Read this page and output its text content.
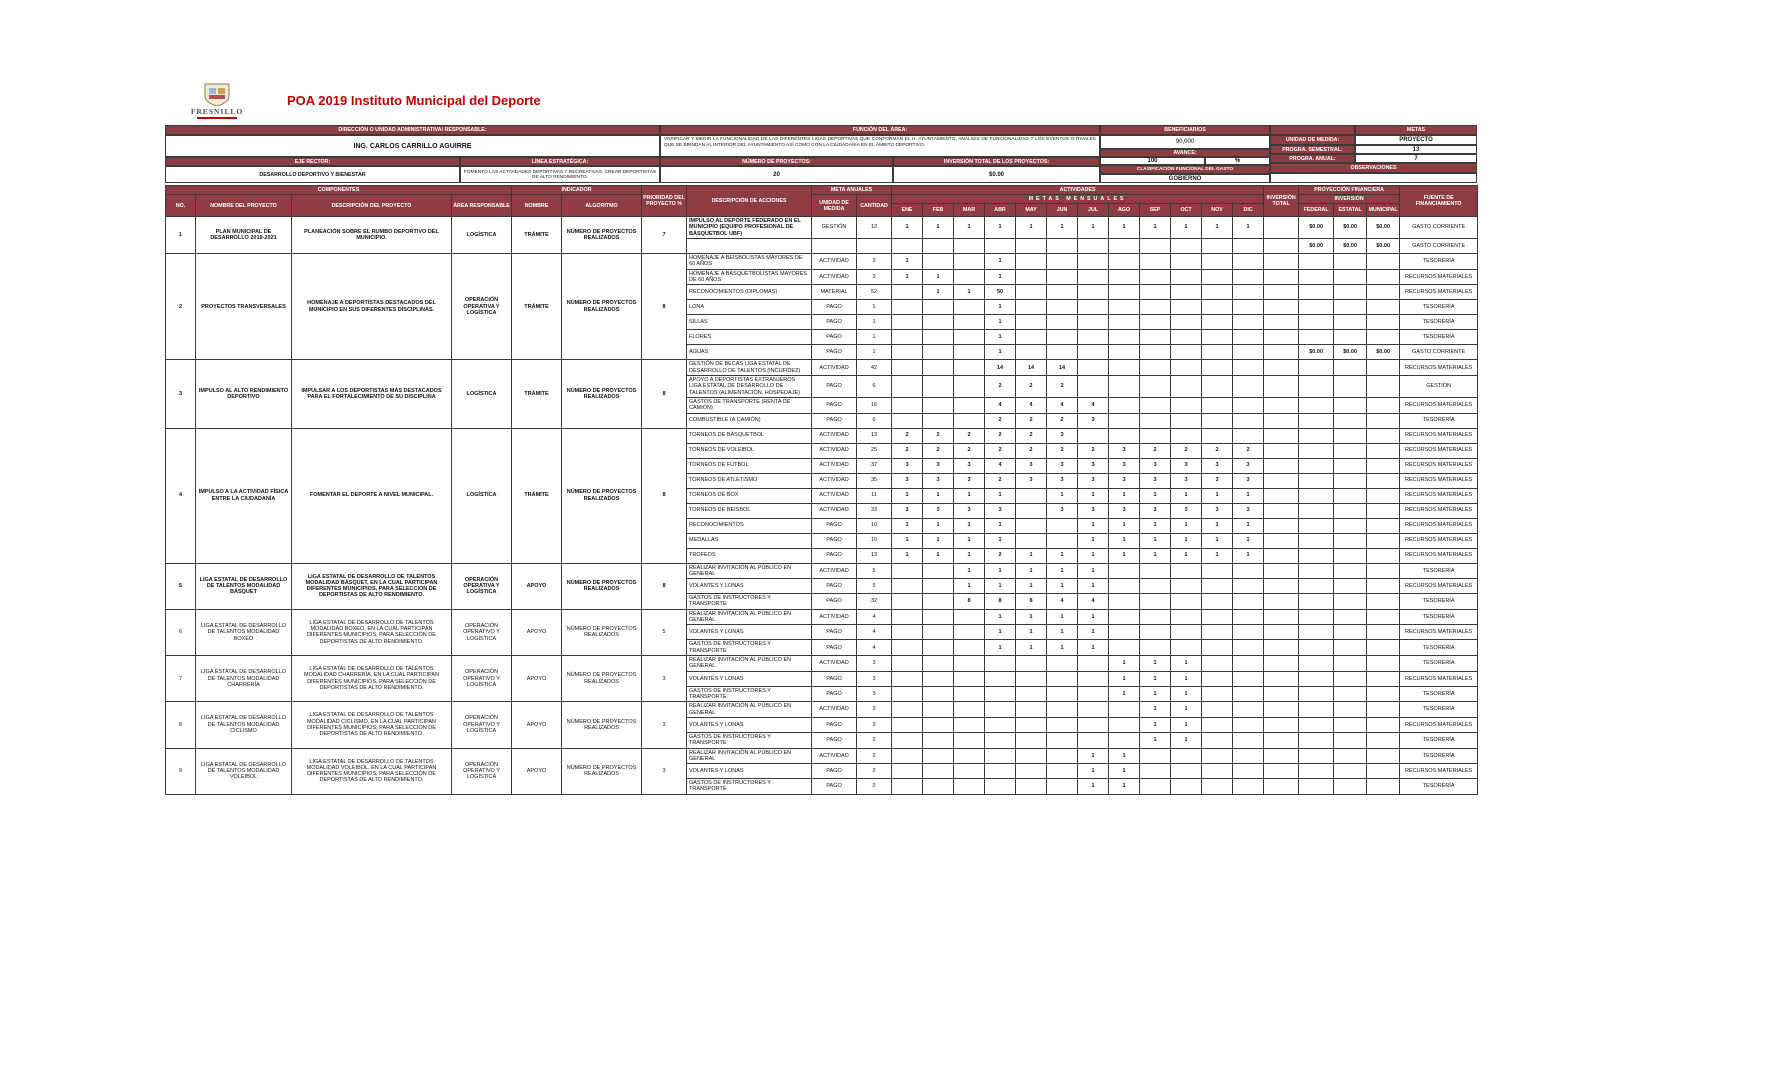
FRESNILLO
POA 2019 Instituto Municipal del Deporte
DIRECCIÓN O UNIDAD ADMINISTRATIVA/ RESPONSABLE:
ING. CARLOS CARRILLO AGUIRRE
EJE RECTOR:
DESARROLLO DEPORTIVO Y BIENESTAR
LÍNEA ESTRATÉGICA:
FOMENTO LAS ACTIVIDADES DEPORTIVAS Y RECREATIVAS. CREAR DEPORTISTAS DE ALTO RENDIMIENTO.
FUNCIÓN DEL ÁREA:
VERIFICAR Y MEDIR LA FUNCIONALIDAD DE LAS DIFERENTES LIGAS DEPORTIVAS QUE CONFORMAN EL H. AYUNTAMIENTO, ANÁLISIS DE FUNCIONALIDAD Y LOS EVENTOS O RIVALES QUE SE BRINDAN AL INTERIOR DEL AYUNTAMIENTO ASÍ COMO CON LA CIUDADANÍA EN EL ÁMBITO DEPORTIVO.
NÚMERO DE PROYECTOS:
20
INVERSIÓN TOTAL DE LOS PROYECTOS:
$0.00
BENEFICIARIOS
90,000
AVANCE:
100	%
CLASIFICACIÓN FUNCIONAL DEL GASTO
GOBIERNO
METAS
UNIDAD DE MEDIDA:	PROYECTO
PROGRA. SEMESTRAL:	13
PROGRA. ANUAL:	7
OBSERVACIONES
COMPONENTES				INDICADOR		PRIORIDAD DEL PROYECTO %	DESCRIPCIÓN DE ACCIONES	META ANUALES		ACTIVIDADES												INVERSIÓN TOTAL	PROYECCIÓN FINANCIERA			FUENTE DE FINANCIAMIENTO
NO.	NOMBRE DEL PROYECTO	DESCRIPCIÓN DEL PROYECTO	ÁREA RESPONSABLE	NOMBRE	ALGORITMO			UNIDAD DE MEDIDA	CANTIDAD	METAS MENSUALES													INVERSIÓN			
										ENE	FEB	MAR	ABR	MAY	JUN	JUL	AGO	SEP	OCT	NOV	DIC		FEDERAL	ESTATAL	MUNICIPAL	
1	PLAN MUNICIPAL DE DESARROLLO 2019-2021	PLANEACIÓN SOBRE EL RUMBO DEPORTIVO DEL MUNICIPIO.	LOGÍSTICA	TRÁMITE	NÚMERO DE PROYECTOS REALIZADOS	7	IMPULSO AL DEPORTE FEDERADO EN EL MUNICIPIO (EQUIPO PROFESIONAL DE BÁSQUETBOL UBF)	GESTIÓN	12	1	1	1	1	1	1	1	1	1	1	1	1		$0.00	$0.00	$0.00	GASTO CORRIENTE
																							$0.00	$0.00	$0.00	GASTO CORRIENTE
2	PROYECTOS TRANSVERSALES	HOMENAJE A DEPORTISTAS DESTACADOS DEL MUNICIPIO EN SUS DIFERENTES DISCIPLINAS.	OPERACIÓN OPERATIVA Y LOGÍSTICA	TRÁMITE	NÚMERO DE PROYECTOS REALIZADOS	8	HOMENAJE A BEISBOLISTAS MAYORES DE 60 AÑOS	ACTIVIDAD	2	1			1													TESORERÍA
							HOMENAJE A BASQUETBOLISTAS MAYORES DE 60 AÑOS	ACTIVIDAD	3	1	1		1													RECURSOS MATERIALES
							RECONOCIMIENTOS (DIPLOMAS)	MATERIAL	52		1	1	50													RECURSOS MATERIALES
							LONA	PAGO	1				1													TESORERÍA
							SILLAS	PAGO	1				1													TESORERÍA
							FLORES	PAGO	1				1													TESORERÍA
							AGUAS	PAGO	1				1										$0.00	$0.00	$0.00	GASTO CORRIENTE
3	IMPULSO AL ALTO RENDIMIENTO DEPORTIVO	IMPULSAR A LOS DEPORTISTAS MÁS DESTACADOS PARA EL FORTALECIMIENTO DE SU DISCIPLINA	LOGÍSTICA	TRÁMITE	NÚMERO DE PROYECTOS REALIZADOS	8	GESTIÓN DE BECAS LIGA ESTATAL DE DESARROLLO DE TALENTOS (INCUFIDEZ)	ACTIVIDAD	42				14	14	14											RECURSOS MATERIALES
							APOYO A DEPORTISTAS EXTRANJEROS LIGA ESTATAL DE DESARROLLO DE TALENTOS (ALIMENTACIÓN, HOSPEDAJE)	PAGO	6				2	2	2											GESTIÓN
							GASTOS DE TRANSPORTE (RENTA DE CAMIÓN)	PAGO	16				4	4	4	4										RECURSOS MATERIALES
							COMBUSTIBLE (A CAMIÓN)	PAGO	6				2	2	2	3										TESORERÍA
4	IMPULSO A LA ACTIVIDAD FÍSICA ENTRE LA CIUDADANÍA	FOMENTAR EL DEPORTE A NIVEL MUNICIPAL.	LOGÍSTICA	TRÁMITE	NÚMERO DE PROYECTOS REALIZADOS	8	TORNEOS DE BÁSQUETBOL	ACTIVIDAD	13	2	2	2	2	2	3											RECURSOS MATERIALES
							TORNEOS DE VOLEIBOL	ACTIVIDAD	25	2	2	2	2	2	2	2	3	2	2	2	2					RECURSOS MATERIALES
							TORNEOS DE FUTBOL	ACTIVIDAD	37	3	3	3	4	3	3	3	3	3	3	3	3					RECURSOS MATERIALES
							TORNEOS DE ATLETISMO	ACTIVIDAD	35	3	3	3	2	3	3	3	3	3	3	3	3					RECURSOS MATERIALES
							TORNEOS DE BOX	ACTIVIDAD	11	1	1	1	1		1	1	1	1	1	1	1					RECURSOS MATERIALES
							TORNEOS DE BEISBOL	ACTIVIDAD	33	3	3	3	3		3	3	3	3	3	3	3					RECURSOS MATERIALES
							RECONOCIMIENTOS	PAGO	10	1	1	1	1			1	1	1	1	1	1					RECURSOS MATERIALES
							MEDALLAS	PAGO	10	1	1	1	1			1	1	1	1	1	1					RECURSOS MATERIALES
							TROFEOS	PAGO	13	1	1	1	2	1	1	1	1	1	1	1	1					RECURSOS MATERIALES
5	LIGA ESTATAL DE DESARROLLO DE TALENTOS MODALIDAD BÁSQUET	LIGA ESTATAL DE DESARROLLO DE TALENTOS MODALIDAD BÁSQUET, EN LA CUAL PARTICIPAN DIFERENTES MUNICIPIOS, PARA SELECCIÓN DE DEPORTISTAS DE ALTO RENDIMIENTO.	OPERACIÓN OPERATIVA Y LOGÍSTICA	APOYO	NÚMERO DE PROYECTOS REALIZADOS	8	REALIZAR INVITACIÓN AL PÚBLICO EN GENERAL	ACTIVIDAD	5			1	1	1	1	1										TESORERÍA
							VOLANTES Y LONAS	PAGO	5			1	1	1	1	1										RECURSOS MATERIALES
							GASTOS DE INSTRUCTORES Y TRANSPORTE	PAGO	32			8	8	8	4	4										TESORERÍA
6	LIGA ESTATAL DE DESARROLLO DE TALENTOS MODALIDAD BOXEO	LIGA ESTATAL DE DESARROLLO DE TALENTOS MODALIDAD BOXEO, EN LA CUAL PARTICIPAN DIFERENTES MUNICIPIOS, PARA SELECCIÓN DE DEPORTISTAS DE ALTO RENDIMIENTO.	OPERACIÓN OPERATIVO Y LOGÍSTICA	APOYO	NÚMERO DE PROYECTOS REALIZADOS	5	REALIZAR INVITACIÓN AL PÚBLICO EN GENERAL	ACTIVIDAD	4				1	1	1	1										TESORERÍA
							VOLANTES Y LONAS	PAGO	4				1	1	1	1										RECURSOS MATERIALES
							GASTOS DE INSTRUCTORES Y TRANSPORTE	PAGO	4				1	1	1	1										TESORERÍA
7	LIGA ESTATAL DE DESARROLLO DE TALENTOS MODALIDAD CHARRERÍA	LIGA ESTATAL DE DESARROLLO DE TALENTOS MODALIDAD CHARRERÍA, EN LA CUAL PARTICIPAN DIFERENTES MUNICIPIOS, PARA SELECCIÓN DE DEPORTISTAS DE ALTO RENDIMIENTO.	OPERACIÓN OPERATIVO Y LOGÍSTICA	APOYO	NÚMERO DE PROYECTOS REALIZADOS	3	REALIZAR INVITACIÓN AL PÚBLICO EN GENERAL	ACTIVIDAD	3								1	1	1							TESORERÍA
							VOLANTES Y LONAS	PAGO	3								1	1	1							RECURSOS MATERIALES
							GASTOS DE INSTRUCTORES Y TRANSPORTE	PAGO	3								1	1	1							TESORERÍA
8	LIGA ESTATAL DE DESARROLLO DE TALENTOS MODALIDAD CICLISMO	LIGA ESTATAL DE DESARROLLO DE TALENTOS MODALIDAD CICLISMO, EN LA CUAL PARTICIPAN DIFERENTES MUNICIPIOS, PARA SELECCIÓN DE DEPORTISTAS DE ALTO RENDIMIENTO.	OPERACIÓN OPERATIVO Y LOGÍSTICA	APOYO	NÚMERO DE PROYECTOS REALIZADOS	3	REALIZAR INVITACIÓN AL PÚBLICO EN GENERAL	ACTIVIDAD	2									1	1							TESORERÍA
							VOLANTES Y LONAS	PAGO	2									1	1							RECURSOS MATERIALES
							GASTOS DE INSTRUCTORES Y TRANSPORTE	PAGO	2									1	1							TESORERÍA
9	LIGA ESTATAL DE DESARROLLO DE TALENTOS MODALIDAD VOLEIBOL	LIGA ESTATAL DE DESARROLLO DE TALENTOS MODALIDAD VOLEIBOL, EN LA CUAL PARTICIPAN DIFERENTES MUNICIPIOS, PARA SELECCIÓN DE DEPORTISTAS DE ALTO RENDIMIENTO.	OPERACIÓN OPERATIVO Y LOGÍSTICA	APOYO	NÚMERO DE PROYECTOS REALIZADOS	3	REALIZAR INVITACIÓN AL PÚBLICO EN GENERAL	ACTIVIDAD	2							1	1									TESORERÍA
							VOLANTES Y LONAS	PAGO	2							1	1									RECURSOS MATERIALES
							GASTOS DE INSTRUCTORES Y TRANSPORTE	PAGO	2							1	1									TESORERÍA
